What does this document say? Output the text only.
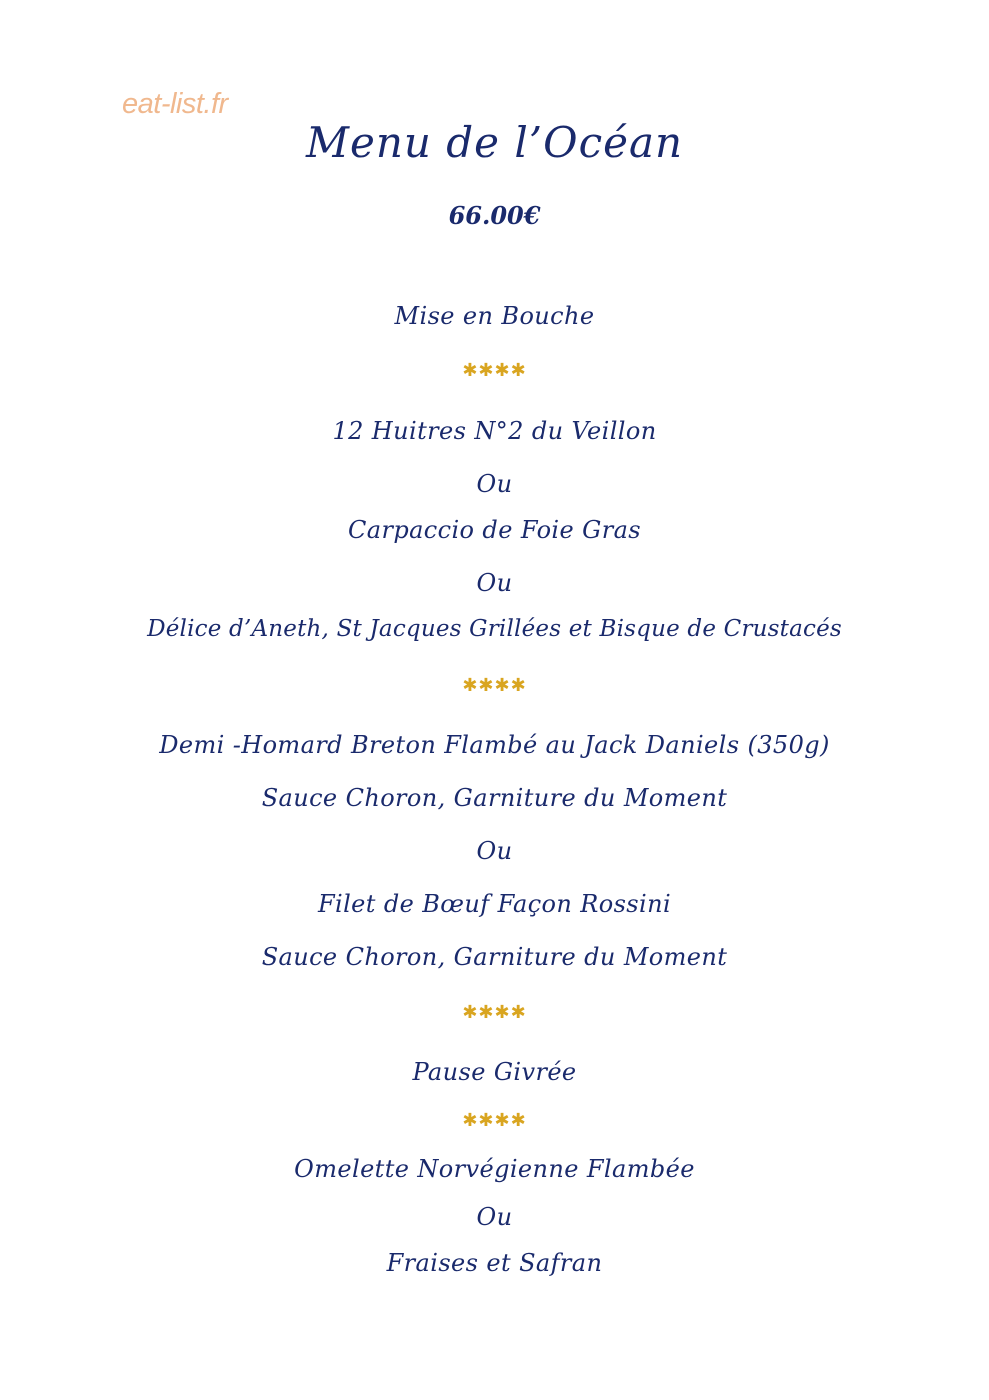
eat-list.fr
Menu de l’Océan
66.00€
Mise en Bouche
✱✱✱✱
12 Huitres N°2 du Veillon
Ou
Carpaccio de Foie Gras
Ou
Délice d’Aneth, St Jacques Grillées et Bisque de Crustacés
✱✱✱✱
Demi -Homard Breton Flambé au Jack Daniels (350g)
Sauce Choron, Garniture du Moment
Ou
Filet de Bœuf Façon Rossini
Sauce Choron, Garniture du Moment
✱✱✱✱
Pause Givrée
✱✱✱✱
Omelette Norvégienne Flambée
Ou
Fraises et Safran
